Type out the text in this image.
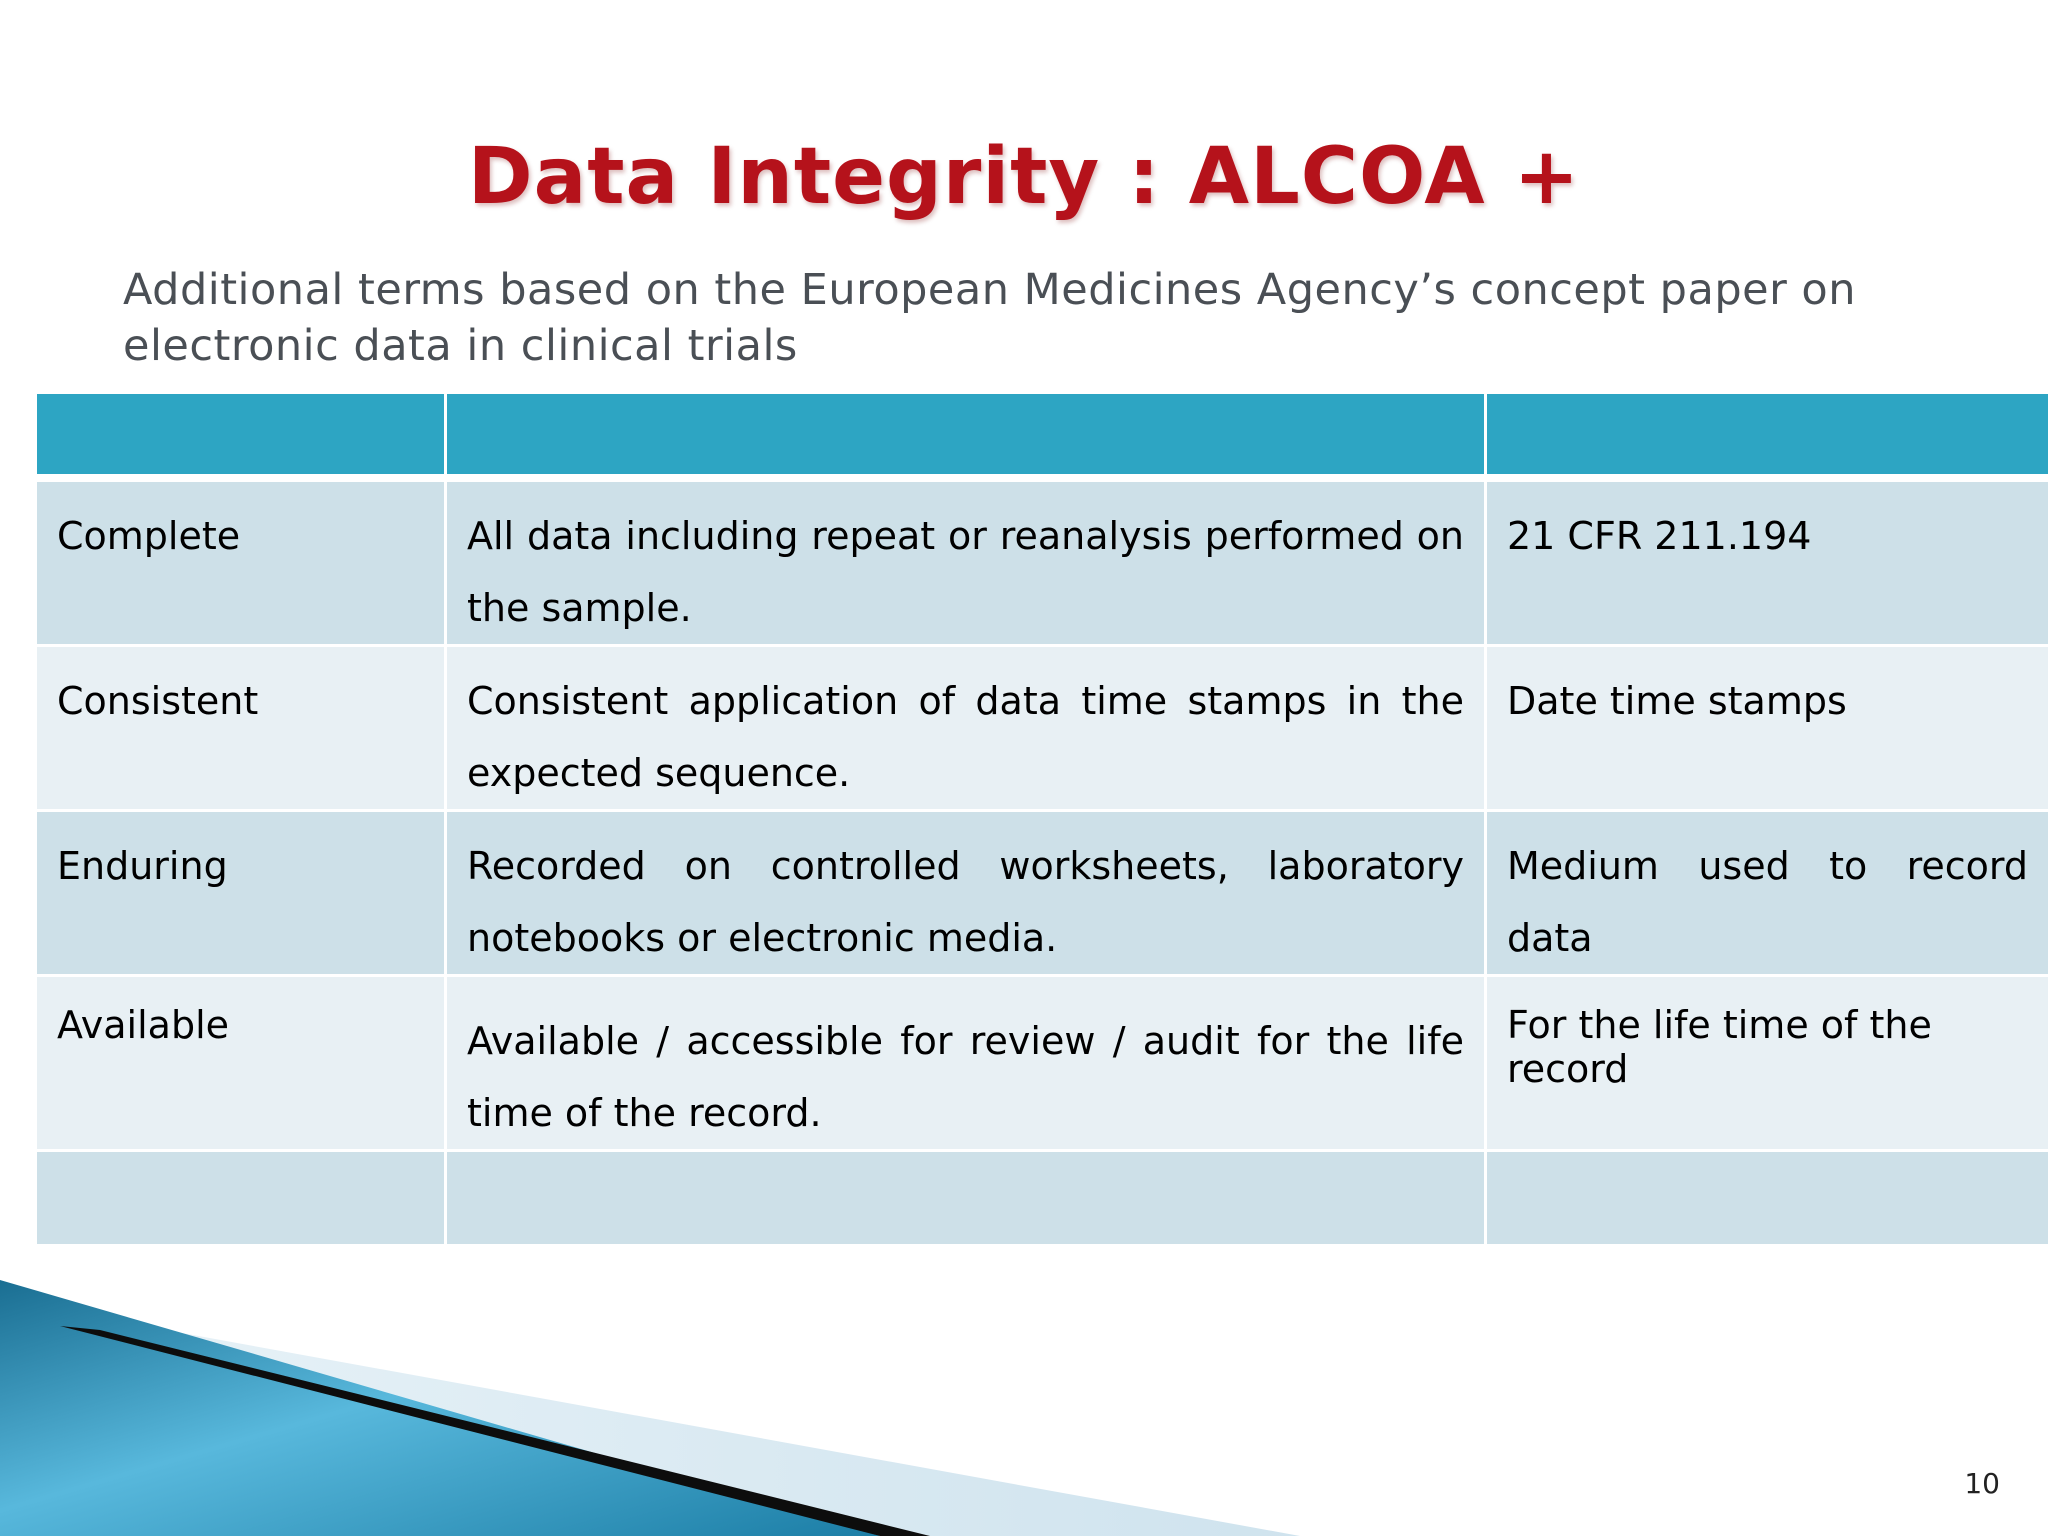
Data Integrity : ALCOA +
Additional terms based on the European Medicines Agency’s concept paper on
electronic data in clinical trials

Complete	All data including repeat or reanalysis performed on the sample.	21 CFR 211.194
Consistent	Consistent application of data time stamps in the expected sequence.	Date time stamps
Enduring	Recorded on controlled worksheets, laboratory notebooks or electronic media.	Medium used to record data
Available	Available / accessible for review / audit for the life time of the record.	For the life time of the record

10
